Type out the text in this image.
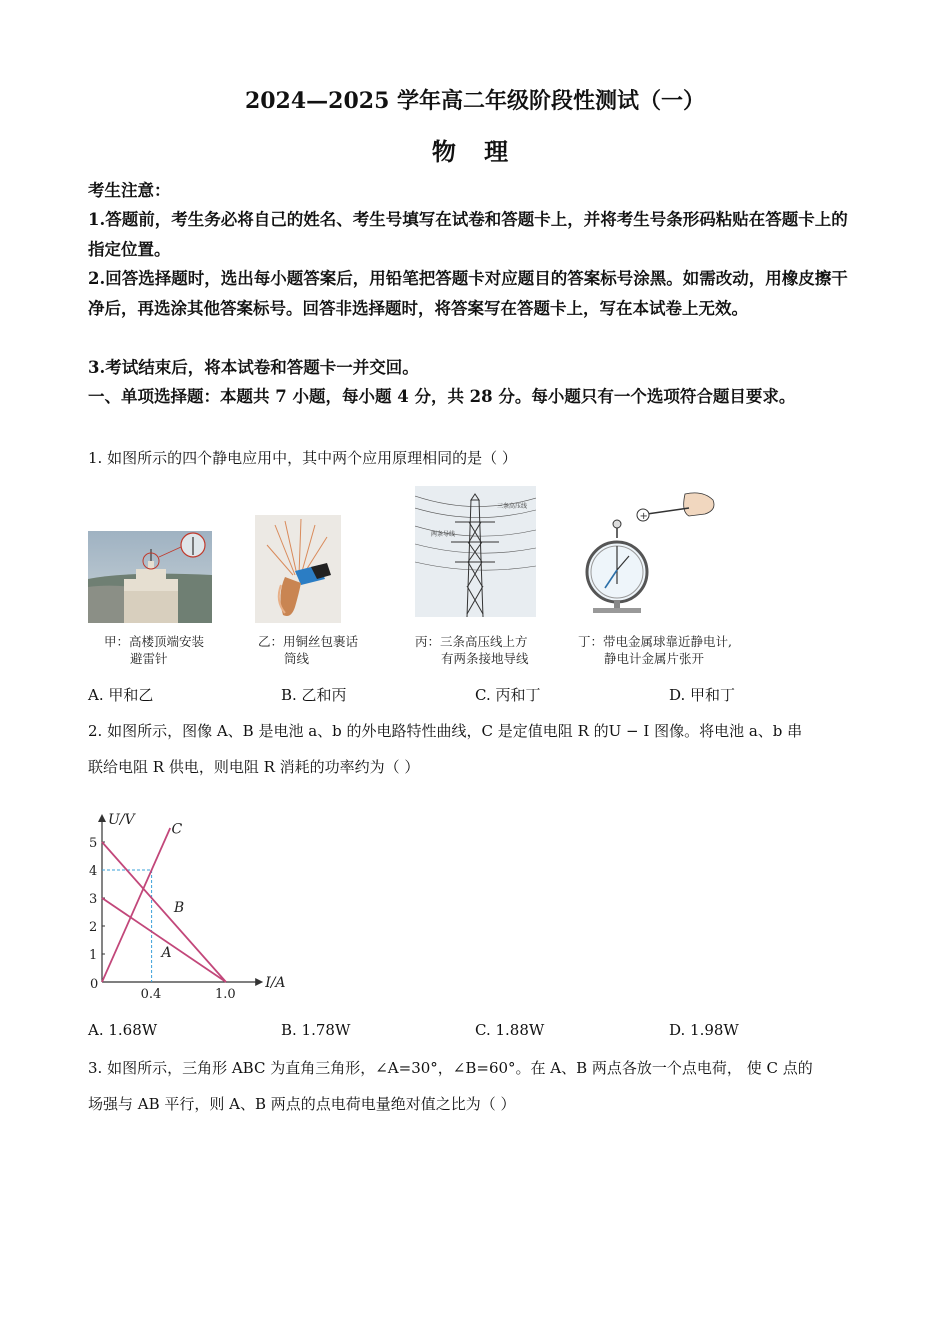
2024—2025 学年高二年级阶段性测试（一）
物 理
考生注意：
1.答题前，考生务必将自己的姓名、考生号填写在试卷和答题卡上，并将考生号条形码粘贴在答题卡上的指定位置。
2.回答选择题时，选出每小题答案后，用铅笔把答题卡对应题目的答案标号涂黑。如需改动，用橡皮擦干净后，再选涂其他答案标号。回答非选择题时，将答案写在答题卡上，写在本试卷上无效。
3.考试结束后，将本试卷和答题卡一并交回。
一、单项选择题：本题共 7 小题，每小题 4 分，共 28 分。每小题只有一个选项符合题目要求。
1. 如图所示的四个静电应用中，其中两个应用原理相同的是（ ）
甲：高楼顶端安装
避雷针
乙：用铜丝包裹话
筒线
三条高压线
两条导线
丙：三条高压线上方
有两条接地导线
+
丁：带电金属球靠近静电计,
静电计金属片张开
A. 甲和乙	B. 乙和丙	C. 丙和丁	D. 甲和丁
2. 如图所示，图像 A、B 是电池 a、b 的外电路特性曲线，C 是定值电阻 R 的U − I 图像。将电池 a、b 串
联给电阻 R 供电，则电阻 R 消耗的功率约为（ ）
U/V
I/A
0
1
2
3
4
5
0.4	1.0
A
B
C
A. 1.68W	B. 1.78W	C. 1.88W	D. 1.98W
3. 如图所示，三角形 ABC 为直角三角形，∠A=30°，∠B=60°。在 A、B 两点各放一个点电荷， 使 C 点的
场强与 AB 平行，则 A、B 两点的点电荷电量绝对值之比为（ ）
